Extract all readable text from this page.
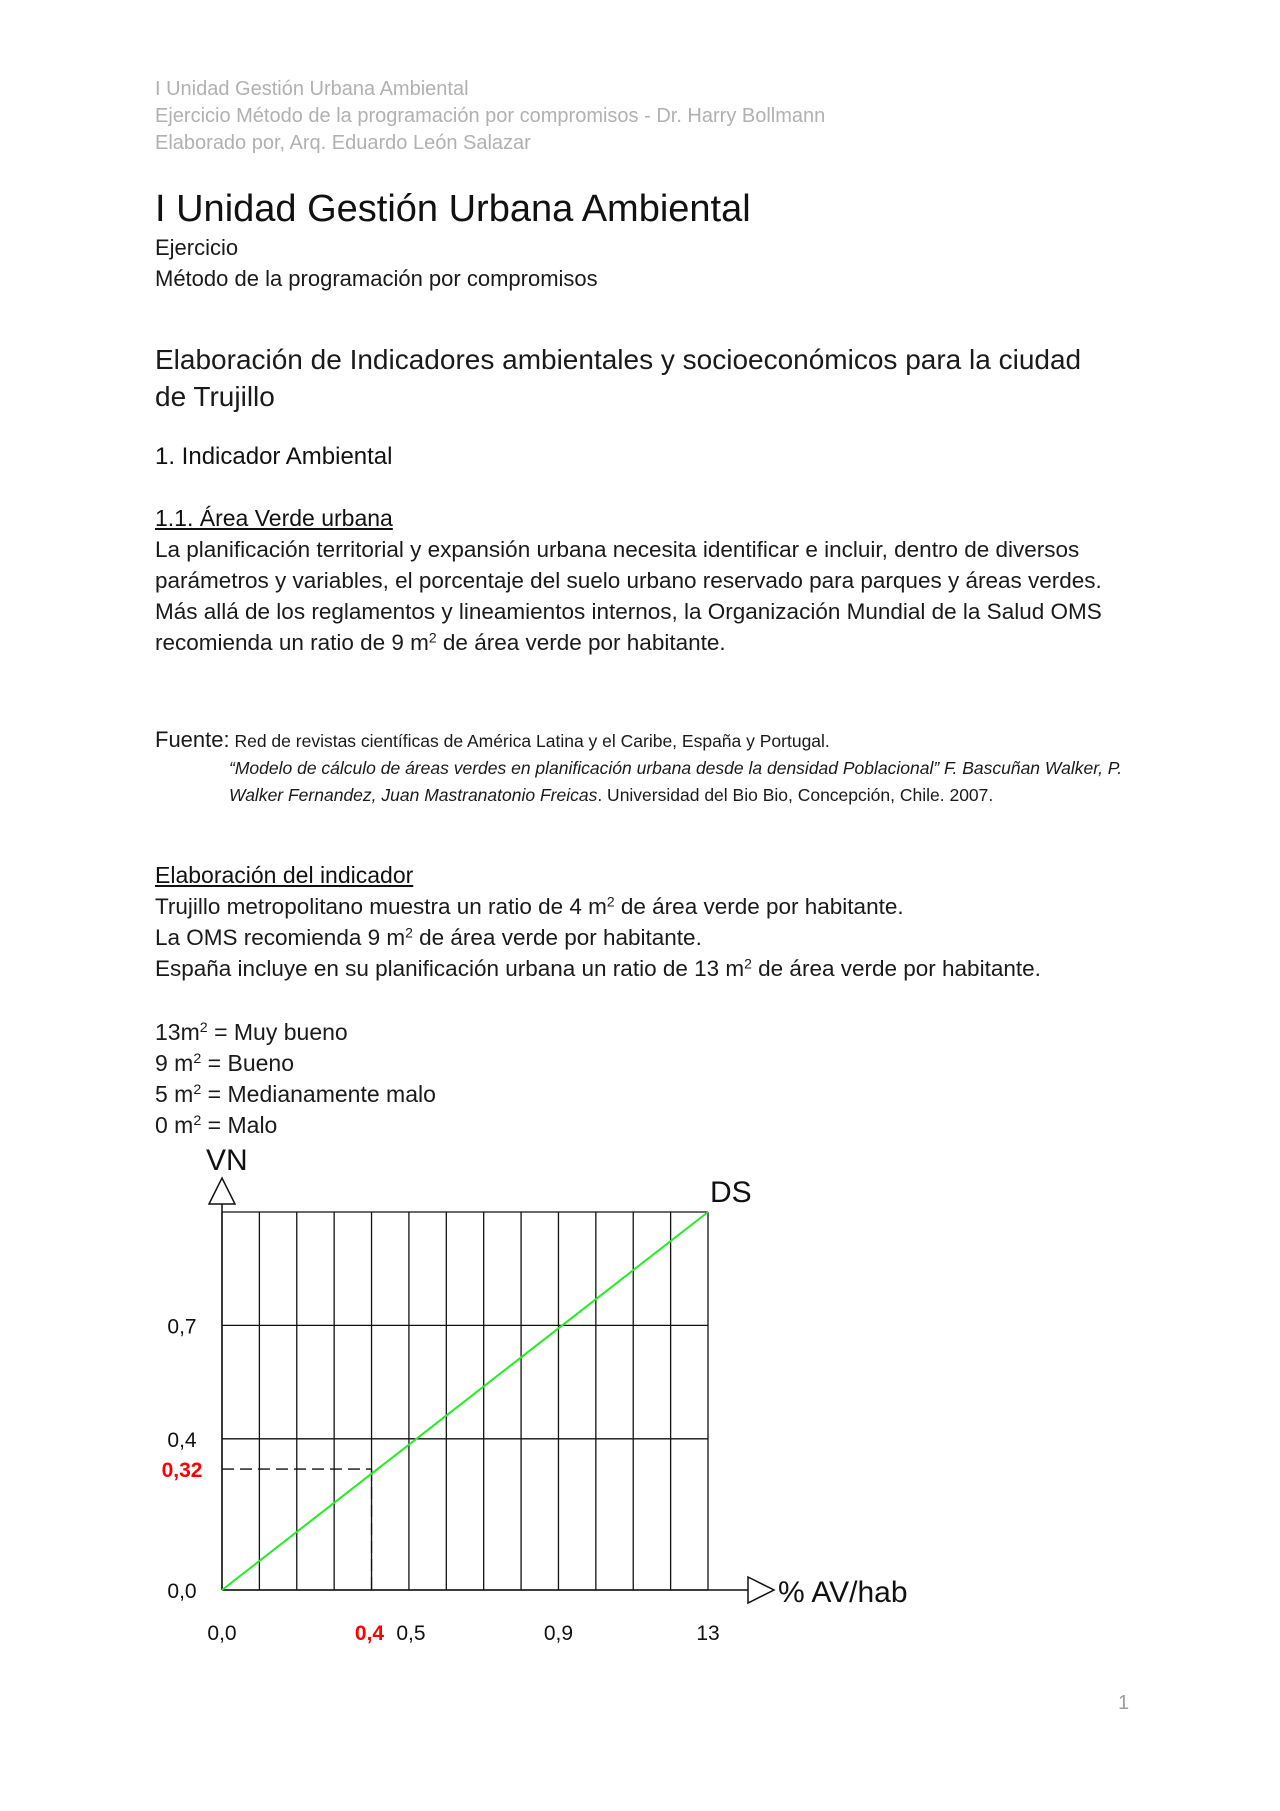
I Unidad Gestión Urbana Ambiental
Ejercicio Método de la programación por compromisos - Dr. Harry Bollmann
Elaborado por, Arq. Eduardo León Salazar
I Unidad Gestión Urbana Ambiental
Ejercicio
Método de la programación por compromisos
Elaboración de Indicadores ambientales y socioeconómicos para la ciudad de Trujillo
1. Indicador Ambiental
1.1. Área Verde urbana

La planificación territorial y expansión urbana necesita identificar e incluir, dentro de diversos parámetros y variables, el porcentaje del suelo urbano reservado para parques y áreas verdes.

Más allá de los reglamentos y lineamientos internos, la Organización Mundial de la Salud OMS recomienda un ratio de 9 $m^2$ de área verde por habitante.

Fuente: Red de revistas científicas de América Latina y el Caribe, España y Portugal.
“Modelo de cálculo de áreas verdes en planificación urbana desde la densidad Poblacional” F. Bascuñan Walker, P. Walker Fernandez, Juan Mastranatonio Freicas. Universidad del Bio Bio, Concepción, Chile. 2007.
Elaboración del indicador

Trujillo metropolitano muestra un ratio de 4 $m^2$ de área verde por habitante.

La OMS recomienda 9 $m^2$ de área verde por habitante.

España incluye en su planificación urbana un ratio de 13 $m^2$ de área verde por habitante.

$13m^2$ = Muy bueno
9 $m^2$ = Bueno
5 $m^2$ = Medianamente malo
0 $m^2$ = Malo
VN
% AV/hab
DS
0,0
0,32
0,4
0,7
0,0	0,4 0,5	0,9	13
1
